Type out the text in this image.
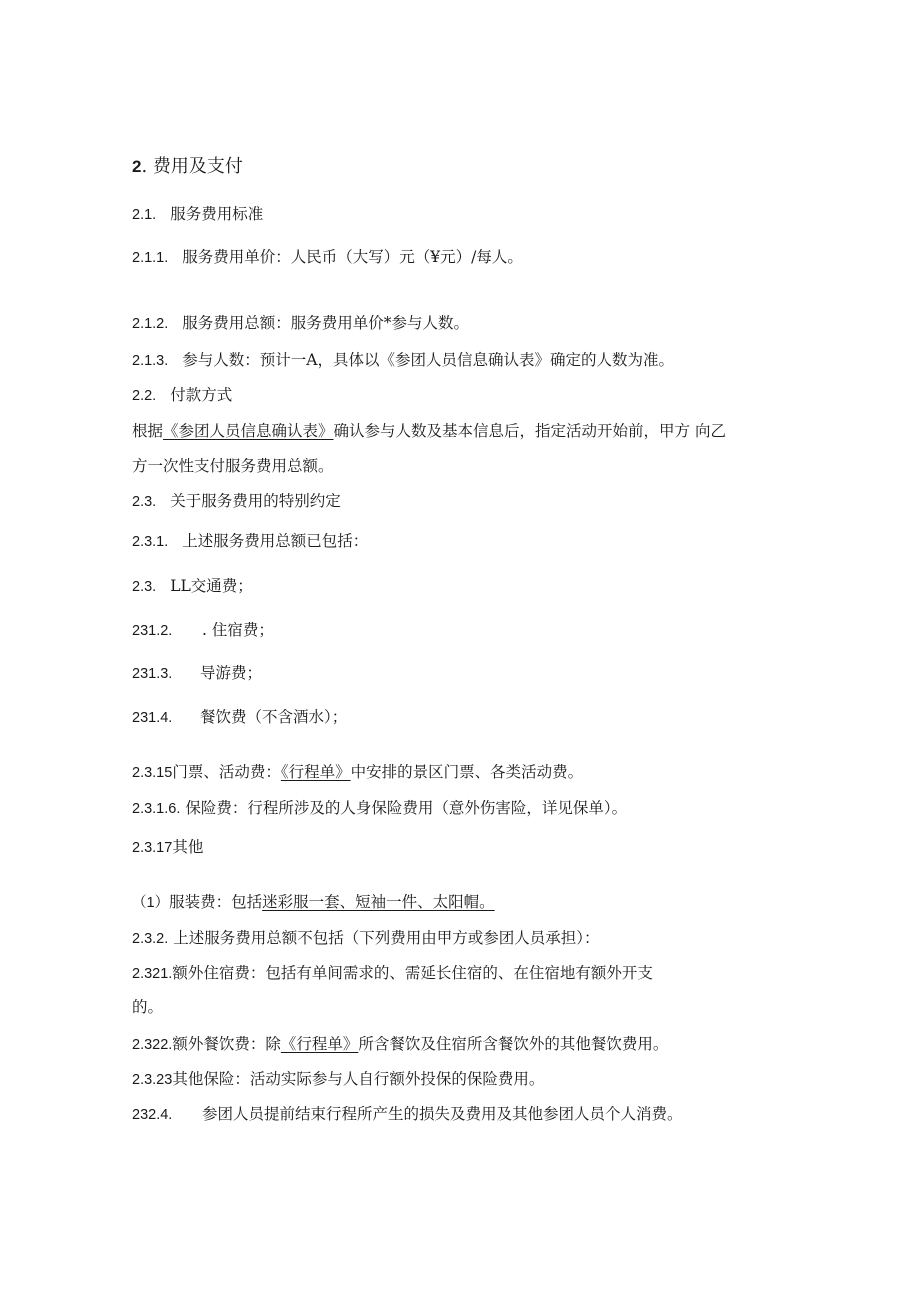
2. 费用及支付
2.1. 服务费用标准
2.1.1. 服务费用单价：人民币（大写）元（¥元）/每人。
2.1.2. 服务费用总额：服务费用单价*参与人数。
2.1.3. 参与人数：预计一A，具体以《参团人员信息确认表》确定的人数为准。
2.2. 付款方式
根据《参团人员信息确认表》确认参与人数及基本信息后，指定活动开始前，甲方 向乙
方一次性支付服务费用总额。
2.3. 关于服务费用的特别约定
2.3.1. 上述服务费用总额已包括：
2.3. LL交通费；
231.2. . 住宿费；
231.3. 导游费；
231.4. 餐饮费（不含酒水）；
2.3.15门票、活动费：《行程单》中安排的景区门票、各类活动费。
2.3.1.6. 保险费：行程所涉及的人身保险费用（意外伤害险，详见保单）。
2.3.17其他
（1）服装费：包括迷彩服一套、短袖一件、太阳帽。
2.3.2. 上述服务费用总额不包括（下列费用由甲方或参团人员承担）：
2.321.额外住宿费：包括有单间需求的、需延长住宿的、在住宿地有额外开支
的。
2.322.额外餐饮费：除《行程单》所含餐饮及住宿所含餐饮外的其他餐饮费用。
2.3.23其他保险：活动实际参与人自行额外投保的保险费用。
232.4. 参团人员提前结束行程所产生的损失及费用及其他参团人员个人消费。
